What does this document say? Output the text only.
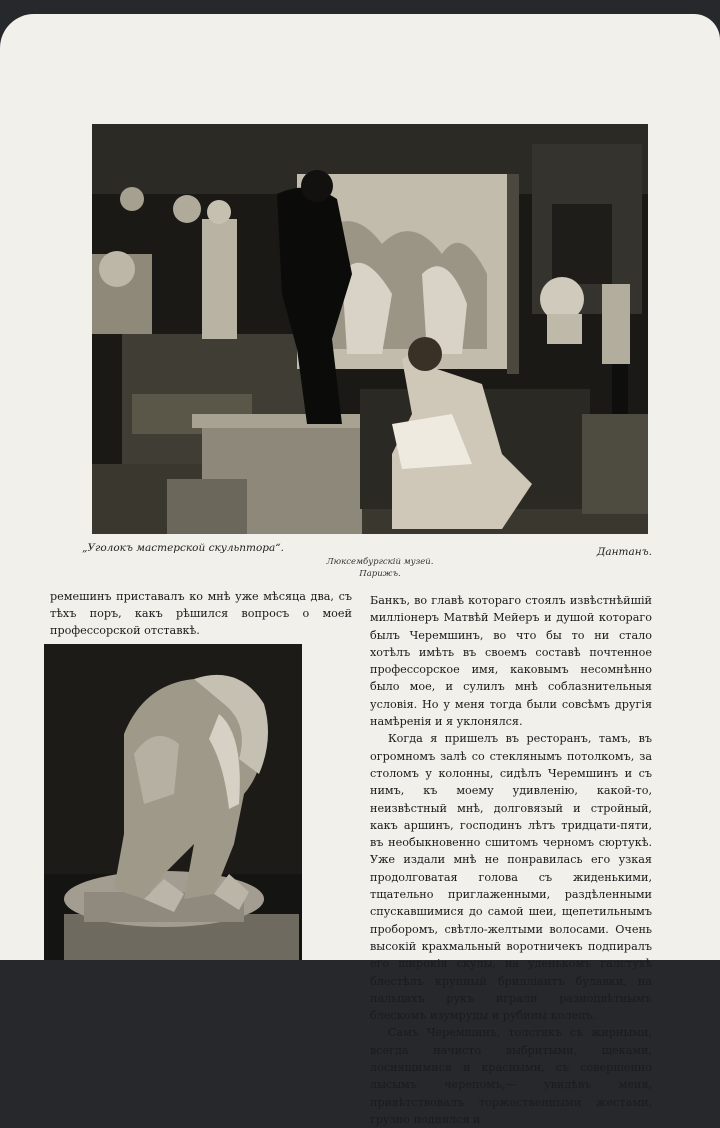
„Уголокъ мастерской скульптора“.
Люксембургскій музей.
Парижъ.
Дантанъ.
ремешинъ приставалъ ко мнѣ уже мѣсяца два, съ тѣхъ поръ, какъ рѣшился вопросъ о моей профессорской отставкѣ.

Банкъ, во главѣ котораго стоялъ извѣстнѣйшій милліонеръ Матвѣй Мейеръ и душой котораго былъ Черемшинъ, во что бы то ни стало хотѣлъ имѣть въ своемъ составѣ почтенное профессорское имя, каковымъ несомнѣнно было мое, и сулилъ мнѣ соблазнительныя условія. Но у меня тогда были совсѣмъ другія намѣренія и я уклонялся.

Когда я пришелъ въ ресторанъ, тамъ, въ огромномъ залѣ со стеклянымъ потолкомъ, за столомъ у колонны, сидѣлъ Черемшинъ и съ нимъ, къ моему удивленію, какой-то, неизвѣстный мнѣ, долговязый и стройный, какъ аршинъ, господинъ лѣтъ тридцати-пяти, въ необыкновенно сшитомъ черномъ сюртукѣ. Уже издали мнѣ не понравилась его узкая продолговатая голова съ жиденькими, тщательно приглаженными, раздѣленными спускавшимися до самой шеи, щепетильнымъ проборомъ, свѣтло-желтыми волосами. Очень высокій крахмальный воротничекъ подпиралъ его широкія скулы, на уденькомъ галстухѣ блестѣлъ крупный брилліантъ булавки, на пальцахъ рукъ играли разноцвѣтнымъ блескомъ изумруды и рубины колецъ.

Самъ Черемшинъ, толстякъ съ жирными, всегда начисто выбритыми, щеками, лоснящимися и красными, съ совершенно лысымъ черепомъ,— увидѣвъ меня, привѣтствовалъ торжественными жестами, грузно поднялся и
